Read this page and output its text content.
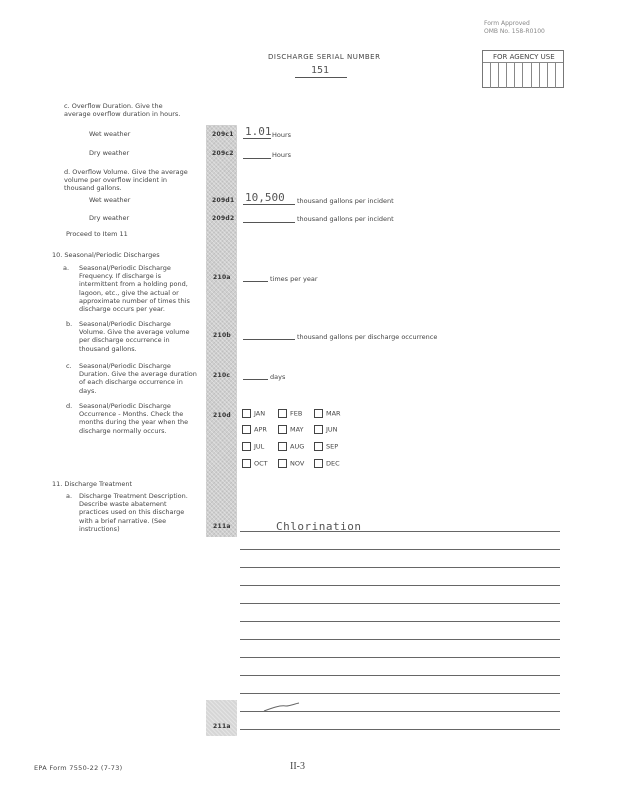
Form Approved
OMB No. 158-R0100
DISCHARGE SERIAL NUMBER
151
FOR AGENCY USE
c. Overflow Duration. Give the average overflow duration in hours.
Wet weather	209c1 1.01 Hours
Dry weather	209c2	Hours
d. Overflow Volume. Give the average volume per overflow incident in thousand gallons.
Wet weather	209d1 10,500 thousand gallons per incident
Dry weather	209d2	thousand gallons per incident
Proceed to Item 11
10. Seasonal/Periodic Discharges
a. Seasonal/Periodic Discharge Frequency. If discharge is intermittent from a holding pond, lagoon, etc., give the actual or approximate number of times this discharge occurs per year.
210a	times per year
b. Seasonal/Periodic Discharge Volume. Give the average volume per discharge occurrence in thousand gallons.
210b	thousand gallons per discharge occurrence
c. Seasonal/Periodic Discharge Duration. Give the average duration of each discharge occurrence in days.
210c	days
d. Seasonal/Periodic Discharge Occurrence - Months. Check the months during the year when the discharge normally occurs.
210d	JAN	FEB	MAR
APR	MAY	JUN
JUL	AUG	SEP
OCT	NOV	DEC
11. Discharge Treatment
a. Discharge Treatment Description. Describe waste abatement practices used on this discharge with a brief narrative. (See instructions)	211a	Chlorination
211a
EPA Form 7550-22 (7-73)	II-3
